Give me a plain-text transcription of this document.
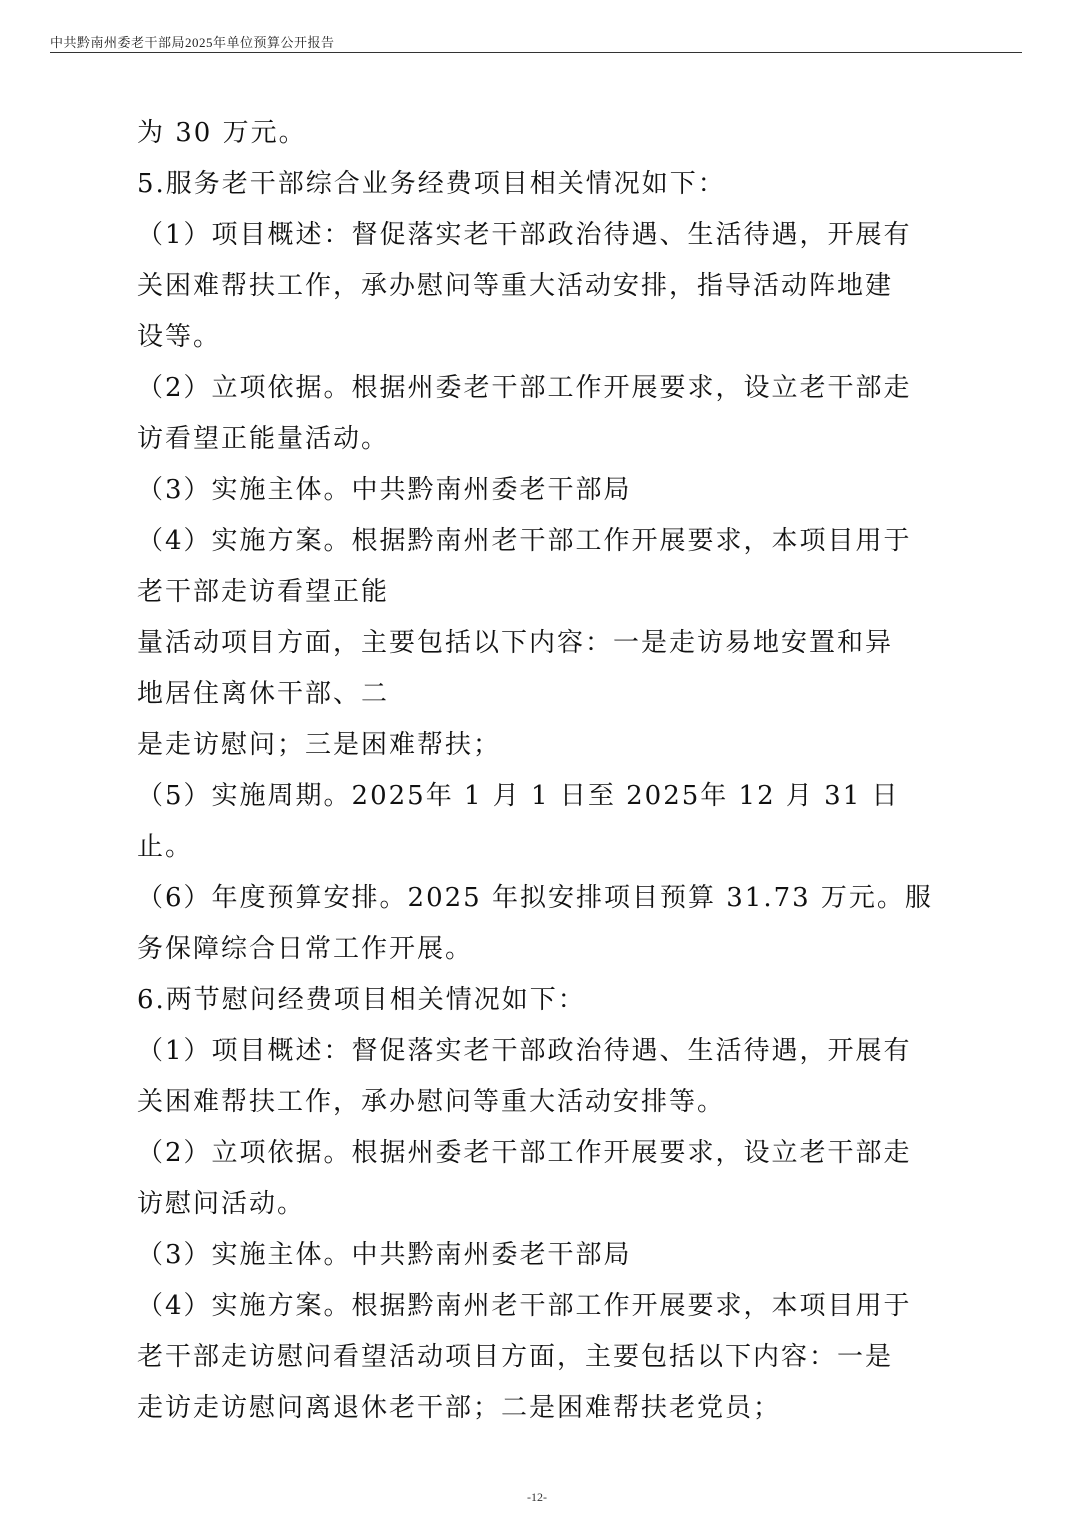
中共黔南州委老干部局2025年单位预算公开报告
为 30 万元。
5.服务老干部综合业务经费项目相关情况如下：
（1）项目概述：督促落实老干部政治待遇、生活待遇，开展有
关困难帮扶工作，承办慰问等重大活动安排，指导活动阵地建
设等。
（2）立项依据。根据州委老干部工作开展要求，设立老干部走
访看望正能量活动。
（3）实施主体。中共黔南州委老干部局
（4）实施方案。根据黔南州老干部工作开展要求，本项目用于
老干部走访看望正能
量活动项目方面，主要包括以下内容：一是走访易地安置和异
地居住离休干部、二
是走访慰问；三是困难帮扶；
（5）实施周期。2025年 1 月 1 日至 2025年 12 月 31 日
止。
（6）年度预算安排。2025 年拟安排项目预算 31.73 万元。服
务保障综合日常工作开展。
6.两节慰问经费项目相关情况如下：
（1）项目概述：督促落实老干部政治待遇、生活待遇，开展有
关困难帮扶工作，承办慰问等重大活动安排等。
（2）立项依据。根据州委老干部工作开展要求，设立老干部走
访慰问活动。
（3）实施主体。中共黔南州委老干部局
（4）实施方案。根据黔南州老干部工作开展要求，本项目用于
老干部走访慰问看望活动项目方面，主要包括以下内容：一是
走访走访慰问离退休老干部；二是困难帮扶老党员；
-12-
